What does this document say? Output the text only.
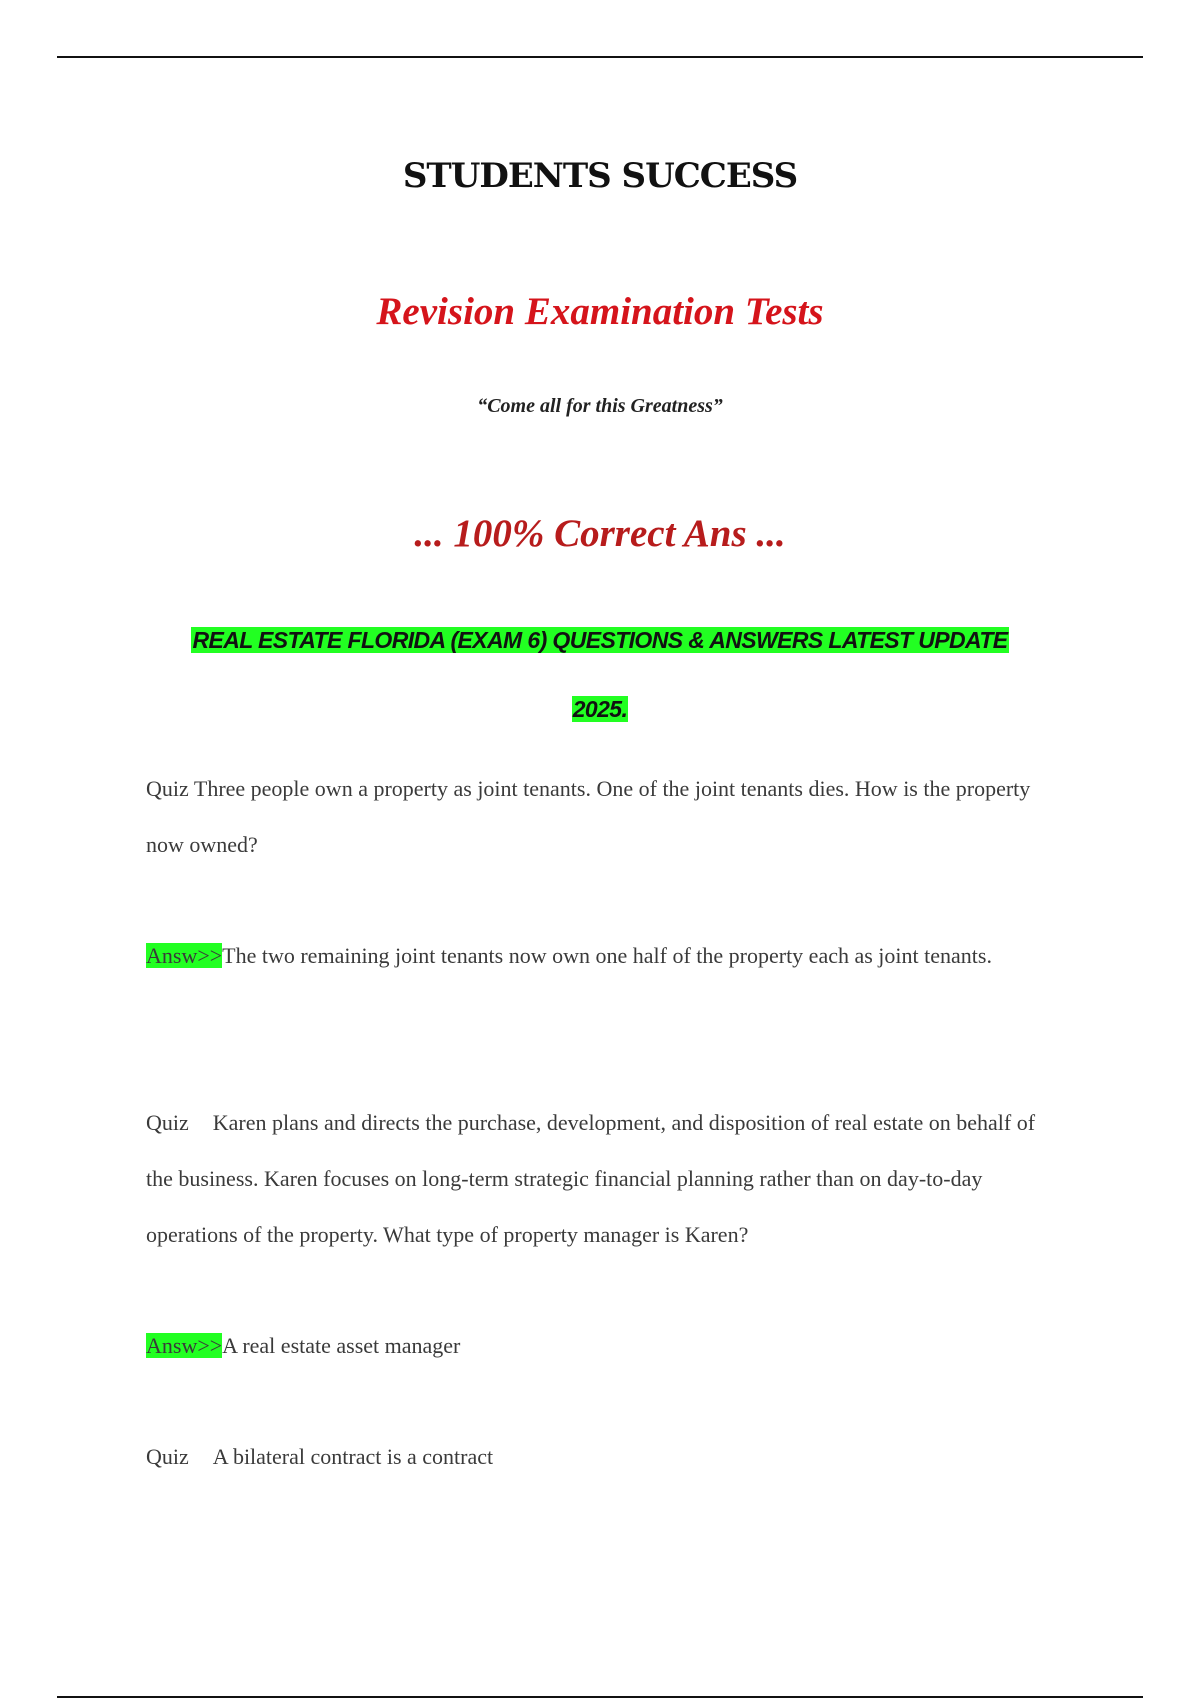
STUDENTS SUCCESS
Revision Examination Tests
“Come all for this Greatness”
... 100% Correct Ans ...
REAL ESTATE FLORIDA (EXAM 6) QUESTIONS & ANSWERS LATEST UPDATE
2025.
Quiz Three people own a property as joint tenants. One of the joint tenants dies. How is the property now owned?
Answ>>The two remaining joint tenants now own one half of the property each as joint tenants.
Quiz Karen plans and directs the purchase, development, and disposition of real estate on behalf of the business. Karen focuses on long-term strategic financial planning rather than on day-to-day operations of the property. What type of property manager is Karen?
Answ>>A real estate asset manager
Quiz A bilateral contract is a contract
